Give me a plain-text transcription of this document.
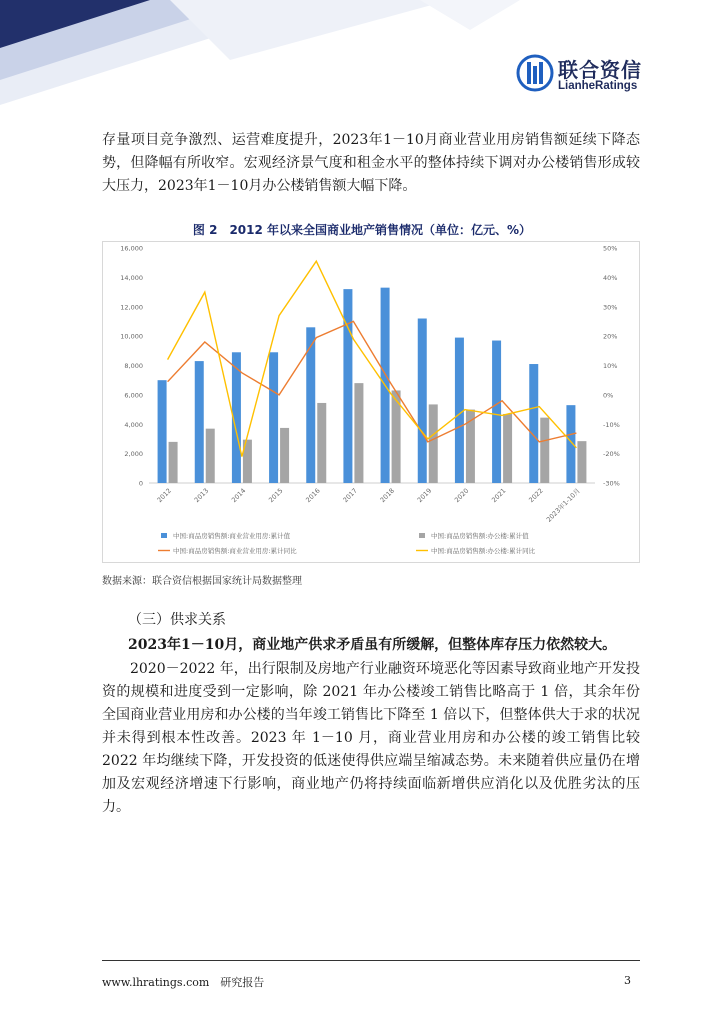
联合资信
LianheRatings

存量项目竞争激烈、运营难度提升，2023年1－10月商业营业用房销售额延续下降态势，但降幅有所收窄。宏观经济景气度和租金水平的整体持续下调对办公楼销售形成较大压力，2023年1－10月办公楼销售额大幅下降。

图 2　2012 年以来全国商业地产销售情况（单位：亿元、%）
0
2,000
4,000
6,000
8,000
10,000
12,000
14,000
16,000
-30%
-20%
-10%
0%
10%
20%
30%
40%
50%
2012	2013	2014	2015	2016	2017	2018	2019	2020	2021	2022 2023年1-10月
中国:商品房销售额:商业营业用房:累计值	中国:商品房销售额:办公楼:累计值
中国:商品房销售额:商业营业用房:累计同比	中国:商品房销售额:办公楼:累计同比
数据来源：联合资信根据国家统计局数据整理
（三）供求关系
2023年1－10月，商业地产供求矛盾虽有所缓解，但整体库存压力依然较大。

2020－2022 年，出行限制及房地产行业融资环境恶化等因素导致商业地产开发投资的规模和进度受到一定影响，除 2021 年办公楼竣工销售比略高于 1 倍，其余年份全国商业营业用房和办公楼的当年竣工销售比下降至 1 倍以下，但整体供大于求的状况并未得到根本性改善。2023 年 1－10 月，商业营业用房和办公楼的竣工销售比较 2022 年均继续下降，开发投资的低迷使得供应端呈缩减态势。未来随着供应量仍在增加及宏观经济增速下行影响，商业地产仍将持续面临新增供应消化以及优胜劣汰的压力。

www.lhratings.com　研究报告	3
